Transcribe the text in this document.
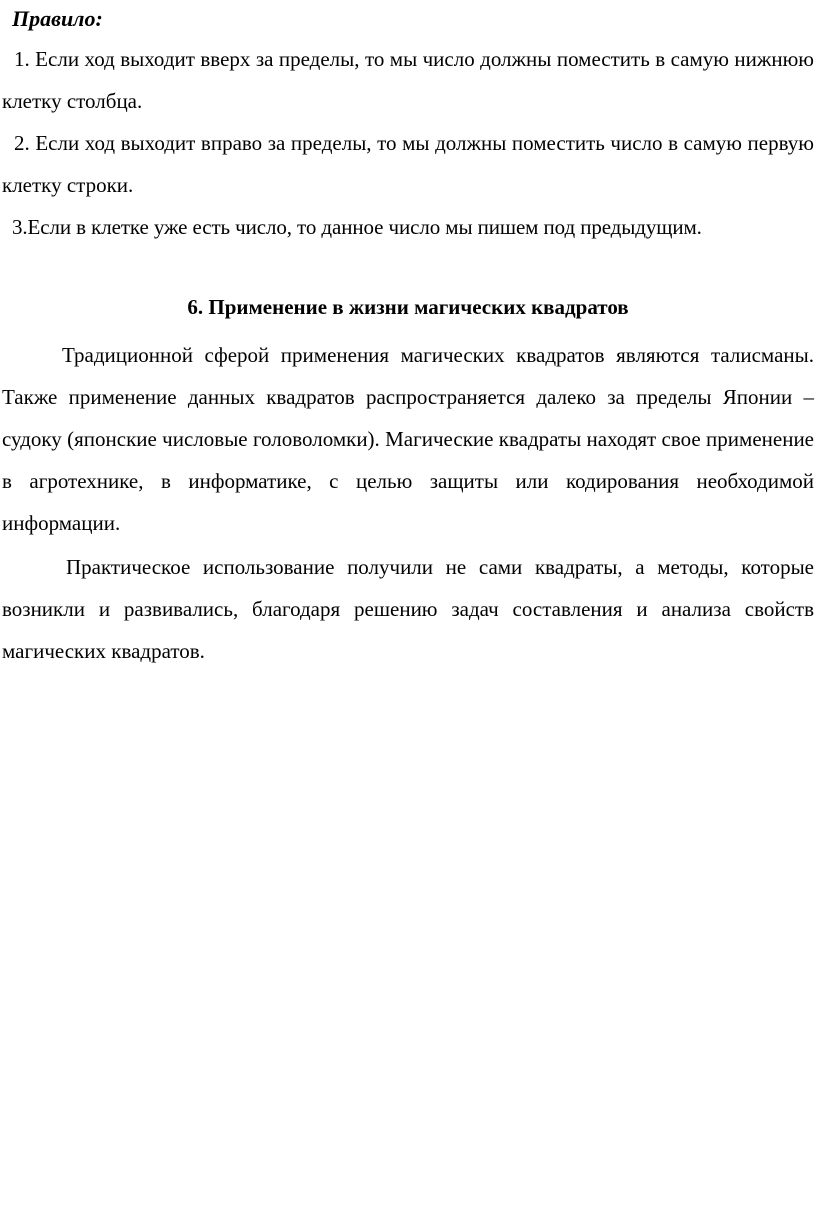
Правило:

1. Если ход выходит вверх за пределы, то мы число должны поместить в самую нижнюю клетку столбца.

2. Если ход выходит вправо за пределы, то мы должны поместить число в самую первую клетку строки.

3.Если в клетке уже есть число, то данное число мы пишем под предыдущим.

6. Применение в жизни магических квадратов

Традиционной сферой применения магических квадратов являются талисманы. Также применение данных квадратов распространяется далеко за пределы Японии – судоку (японские числовые головоломки). Магические квадраты находят свое применение в агротехнике, в информатике, с целью защиты или кодирования необходимой информации.

Практическое использование получили не сами квадраты, а методы, которые возникли и развивались, благодаря решению задач составления и анализа свойств магических квадратов.
